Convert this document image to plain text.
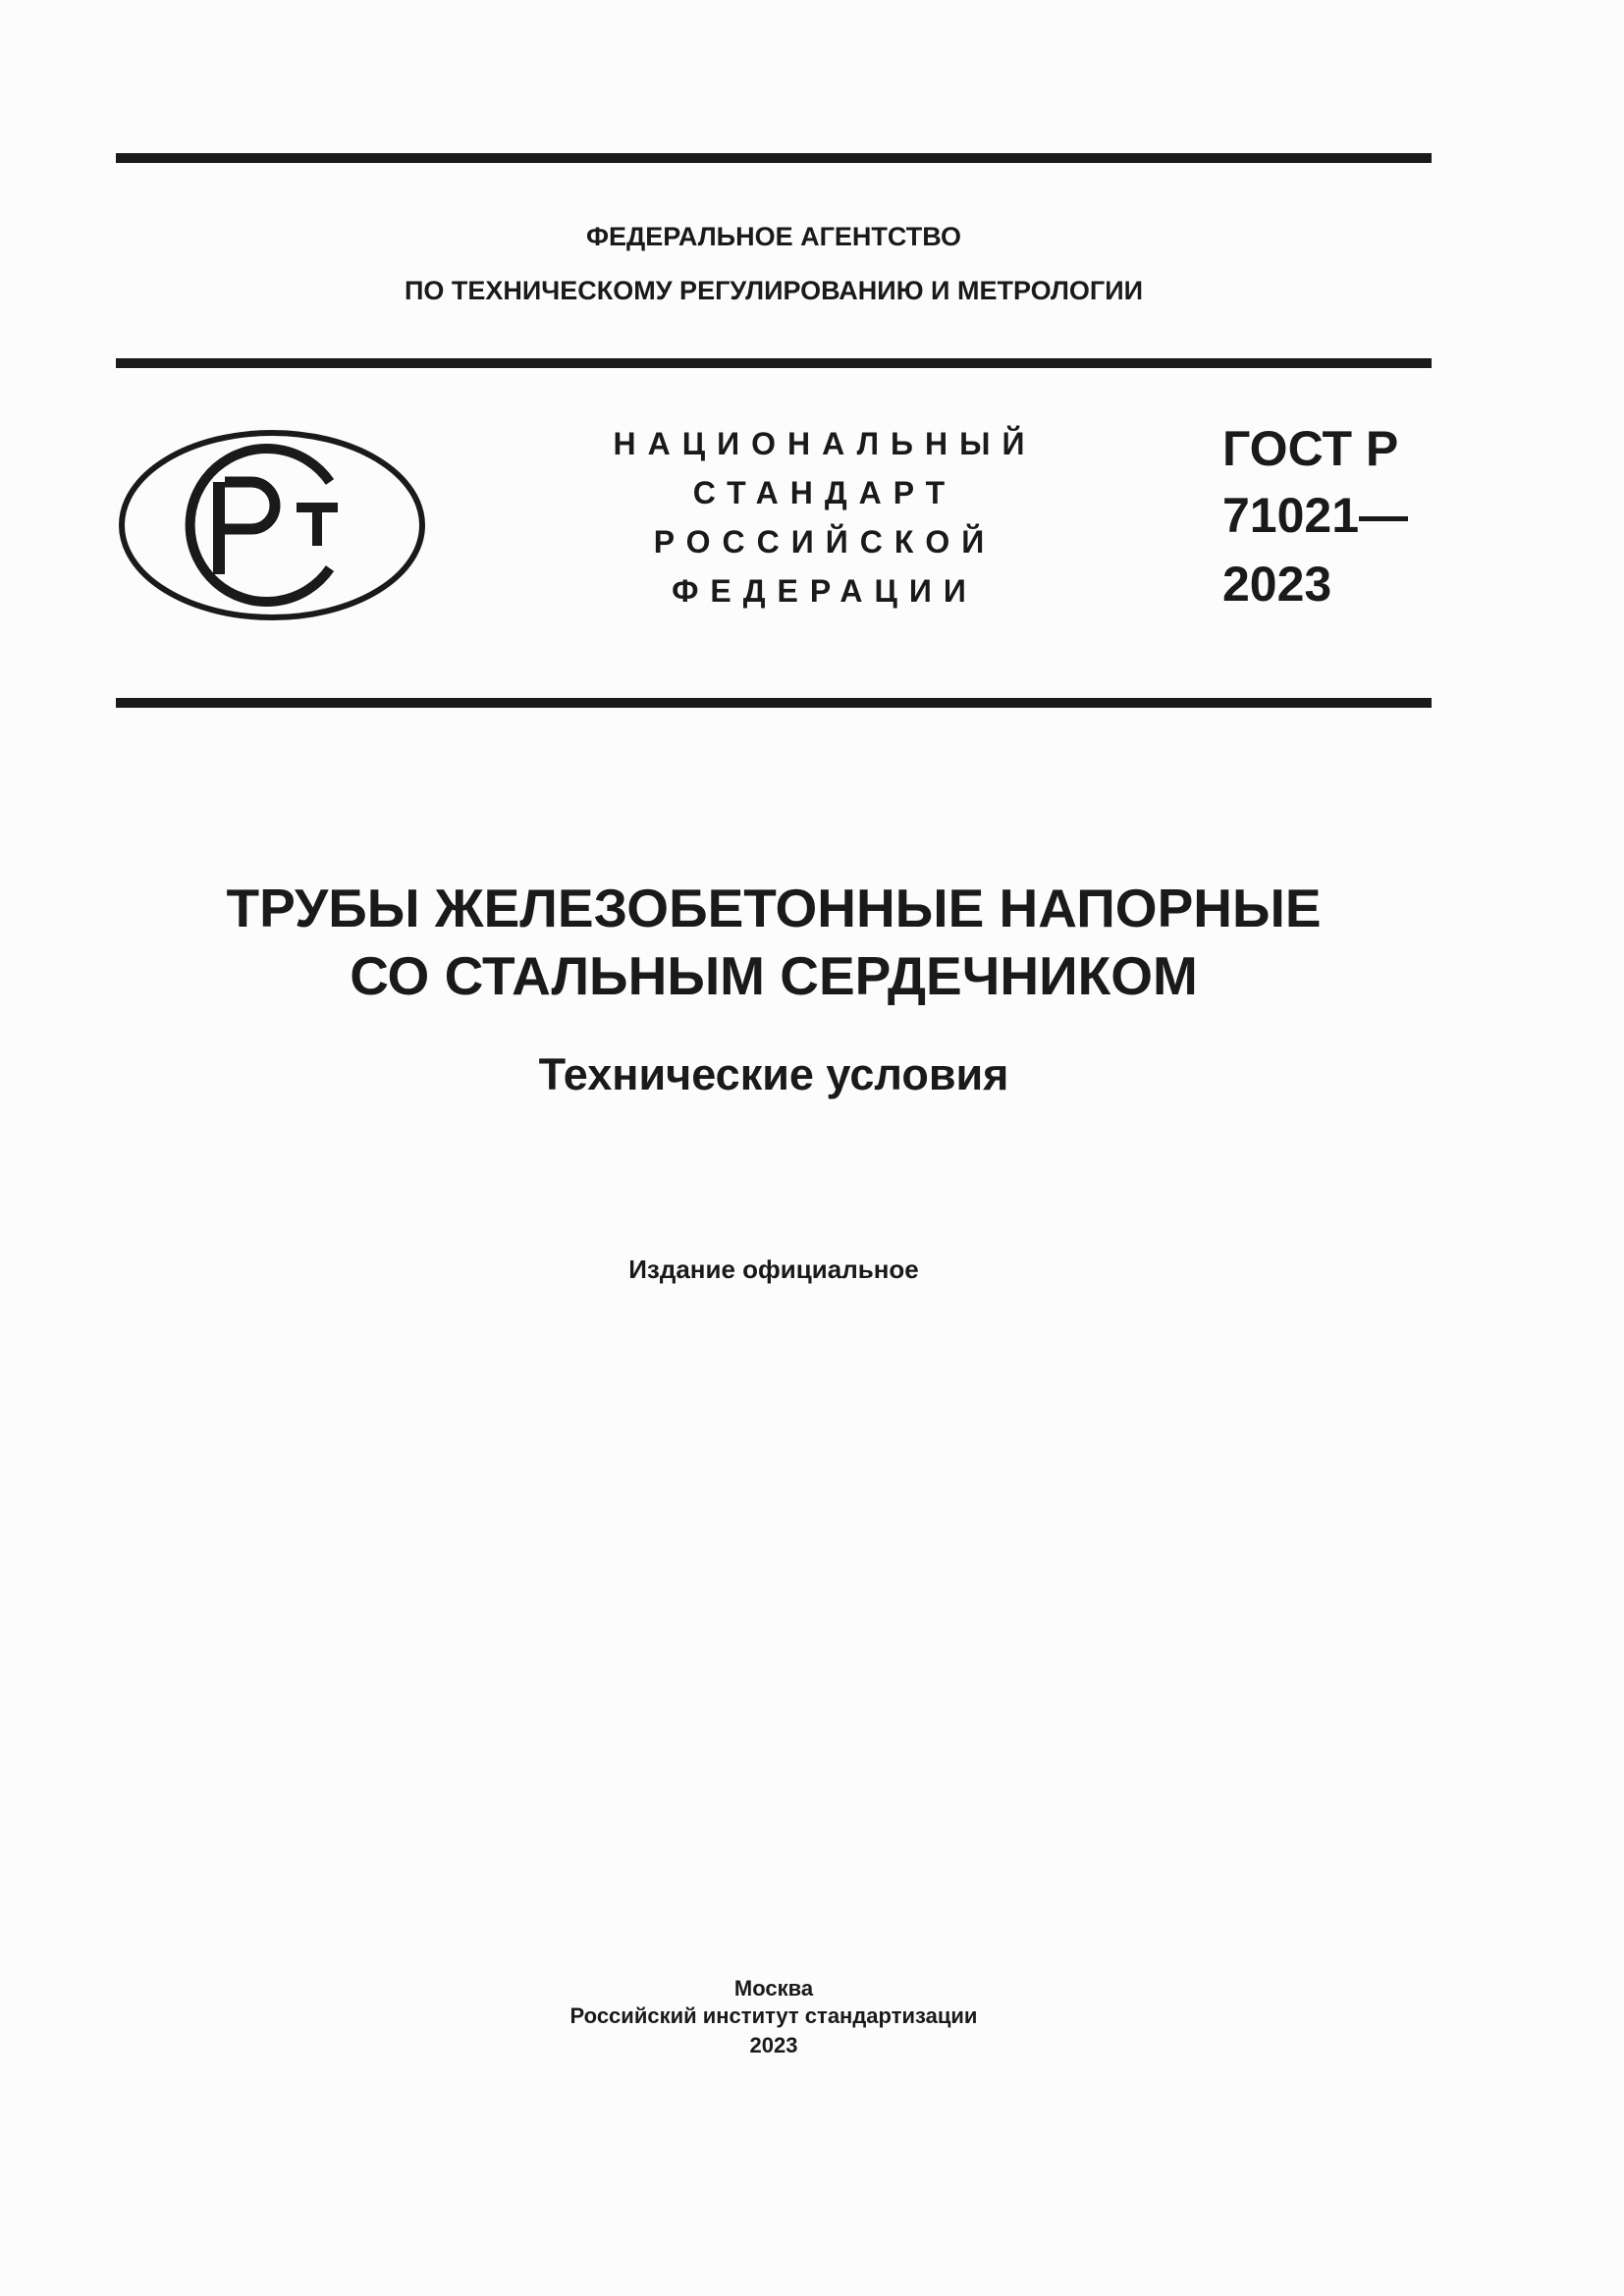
ФЕДЕРАЛЬНОЕ АГЕНТСТВО
ПО ТЕХНИЧЕСКОМУ РЕГУЛИРОВАНИЮ И МЕТРОЛОГИИ
НАЦИОНАЛЬНЫЙ
СТАНДАРТ
РОССИЙСКОЙ
ФЕДЕРАЦИИ
ГОСТ Р
71021—
2023
ТРУБЫ ЖЕЛЕЗОБЕТОННЫЕ НАПОРНЫЕ
СО СТАЛЬНЫМ СЕРДЕЧНИКОМ
Технические условия
Издание официальное
Москва
Российский институт стандартизации
2023
